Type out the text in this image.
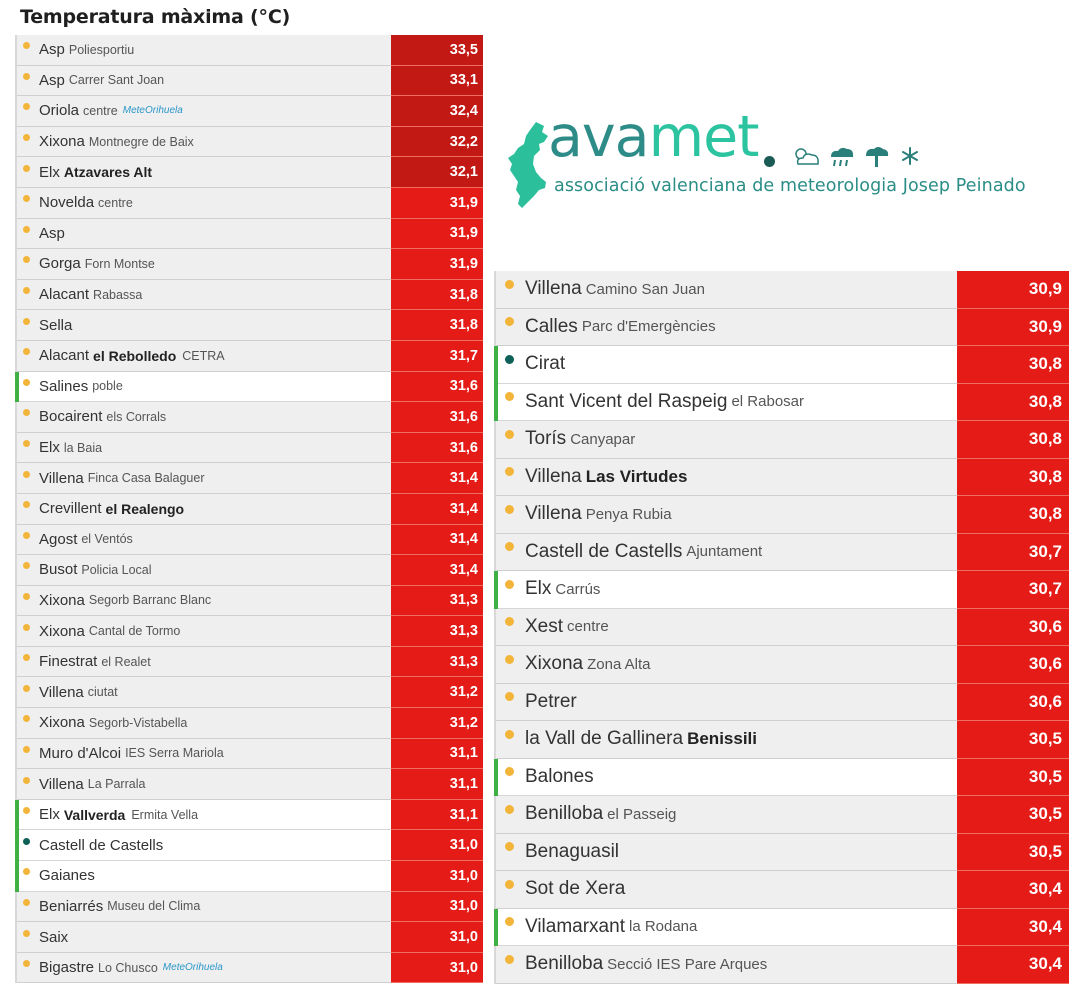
Temperatura màxima (°C)
Asp Poliesportiu	33,5
Asp Carrer Sant Joan	33,1
Oriola centre MeteOrihuela	32,4
Xixona Montnegre de Baix	32,2
Elx Atzavares Alt	32,1
Novelda centre	31,9
Asp	31,9
Gorga Forn Montse	31,9
Alacant Rabassa	31,8
Sella	31,8
Alacant el Rebolledo CETRA	31,7
Salines poble	31,6
Bocairent els Corrals	31,6
Elx la Baia	31,6
Villena Finca Casa Balaguer	31,4
Crevillent el Realengo	31,4
Agost el Ventós	31,4
Busot Policia Local	31,4
Xixona Segorb Barranc Blanc	31,3
Xixona Cantal de Tormo	31,3
Finestrat el Realet	31,3
Villena ciutat	31,2
Xixona Segorb-Vistabella	31,2
Muro d'Alcoi IES Serra Mariola	31,1
Villena La Parrala	31,1
Elx Vallverda Ermita Vella	31,1
Castell de Castells	31,0
Gaianes	31,0
Beniarrés Museu del Clima	31,0
Saix	31,0
Bigastre Lo Chusco MeteOrihuela	31,0
avamet
associació valenciana de meteorologia Josep Peinado
Villena Camino San Juan	30,9
Calles Parc d'Emergències	30,9
Cirat	30,8
Sant Vicent del Raspeig el Rabosar	30,8
Torís Canyapar	30,8
Villena Las Virtudes	30,8
Villena Penya Rubia	30,8
Castell de Castells Ajuntament	30,7
Elx Carrús	30,7
Xest centre	30,6
Xixona Zona Alta	30,6
Petrer	30,6
la Vall de Gallinera Benissili	30,5
Balones	30,5
Benilloba el Passeig	30,5
Benaguasil	30,5
Sot de Xera	30,4
Vilamarxant la Rodana	30,4
Benilloba Secció IES Pare Arques	30,4
